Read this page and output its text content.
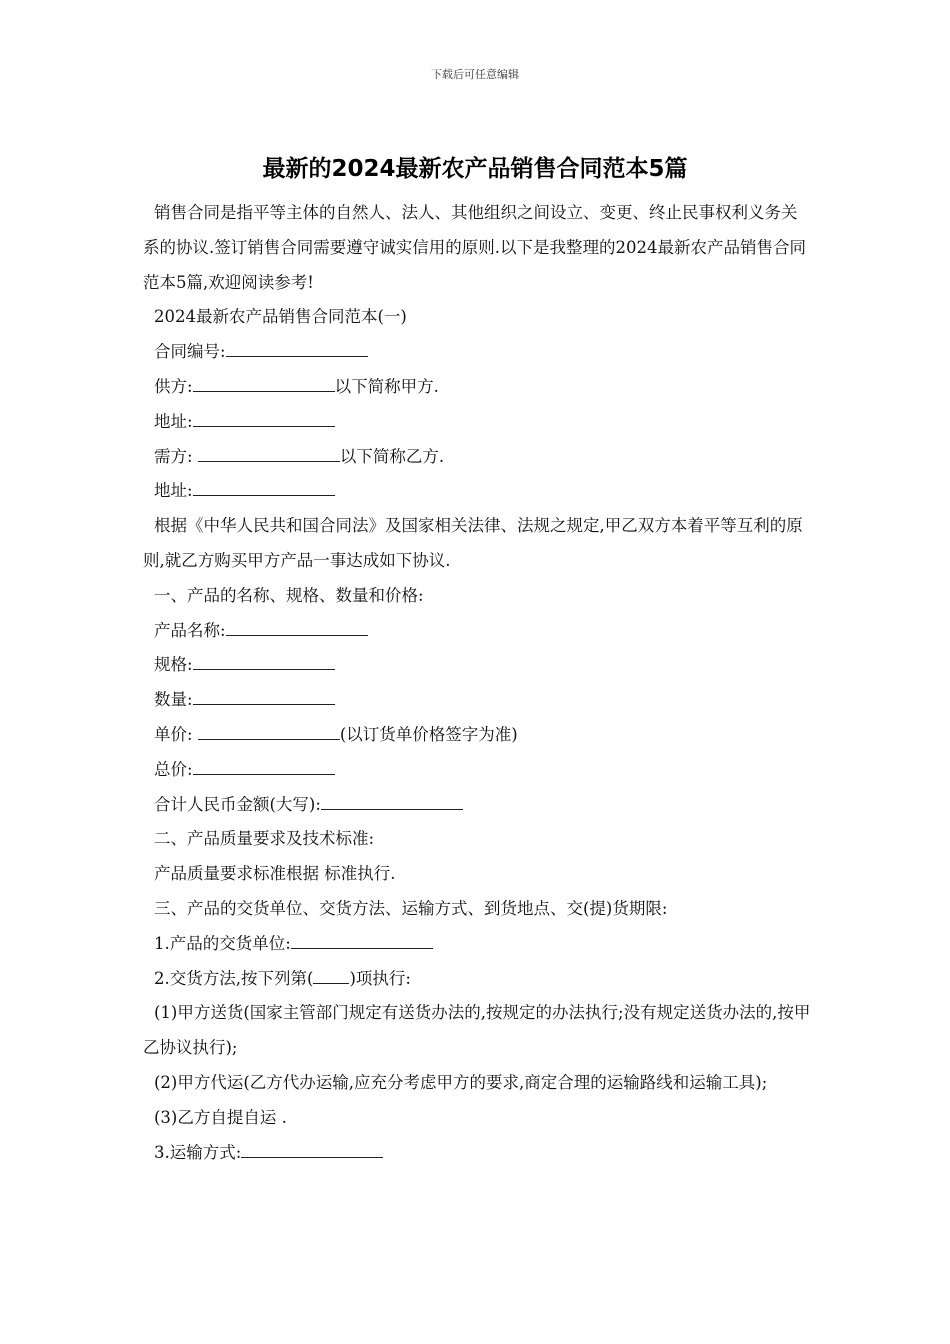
下载后可任意编辑
最新的2024最新农产品销售合同范本5篇

销售合同是指平等主体的自然人、法人、其他组织之间设立、变更、终止民事权利义务关系的协议.签订销售合同需要遵守诚实信用的原则.以下是我整理的2024最新农产品销售合同范本5篇,欢迎阅读参考!

2024最新农产品销售合同范本(一)

合同编号:

供方:	以下简称甲方.

地址:

需方:	以下简称乙方.

地址:

根据《中华人民共和国合同法》及国家相关法律、法规之规定,甲乙双方本着平等互利的原则,就乙方购买甲方产品一事达成如下协议.

一、产品的名称、规格、数量和价格:

产品名称:

规格:

数量:

单价:	(以订货单价格签字为准)

总价:

合计人民币金额(大写):

二、产品质量要求及技术标准:

产品质量要求标准根据 标准执行.

三、产品的交货单位、交货方法、运输方式、到货地点、交(提)货期限:

1.产品的交货单位:

2.交货方法,按下列第( )项执行:

(1)甲方送货(国家主管部门规定有送货办法的,按规定的办法执行;没有规定送货办法的,按甲乙协议执行);

(2)甲方代运(乙方代办运输,应充分考虑甲方的要求,商定合理的运输路线和运输工具);

(3)乙方自提自运 .

3.运输方式:
